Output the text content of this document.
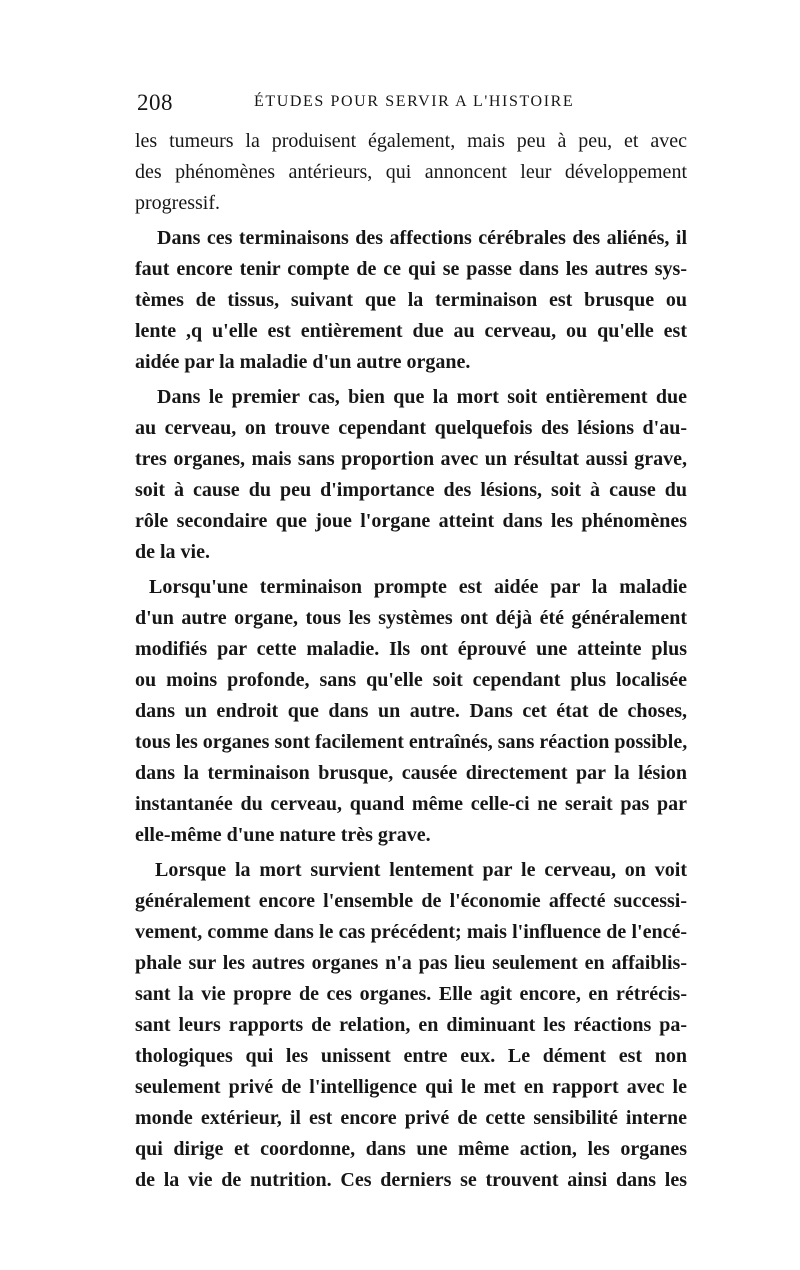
208	ÉTUDES POUR SERVIR A L'HISTOIRE
les tumeurs la produisent également, mais peu à peu, et avec
des phénomènes antérieurs, qui annoncent leur développement
progressif.
Dans ces terminaisons des affections cérébrales des aliénés, il
faut encore tenir compte de ce qui se passe dans les autres sys-
tèmes de tissus, suivant que la terminaison est brusque ou
lente ,q u'elle est entièrement due au cerveau, ou qu'elle est
aidée par la maladie d'un autre organe.
Dans le premier cas, bien que la mort soit entièrement due
au cerveau, on trouve cependant quelquefois des lésions d'au-
tres organes, mais sans proportion avec un résultat aussi grave,
soit à cause du peu d'importance des lésions, soit à cause du
rôle secondaire que joue l'organe atteint dans les phénomènes
de la vie.
Lorsqu'une terminaison prompte est aidée par la maladie
d'un autre organe, tous les systèmes ont déjà été généralement
modifiés par cette maladie. Ils ont éprouvé une atteinte plus
ou moins profonde, sans qu'elle soit cependant plus localisée
dans un endroit que dans un autre. Dans cet état de choses,
tous les organes sont facilement entraînés, sans réaction possible,
dans la terminaison brusque, causée directement par la lésion
instantanée du cerveau, quand même celle-ci ne serait pas par
elle-même d'une nature très grave.
Lorsque la mort survient lentement par le cerveau, on voit
généralement encore l'ensemble de l'économie affecté successi-
vement, comme dans le cas précédent; mais l'influence de l'encé-
phale sur les autres organes n'a pas lieu seulement en affaiblis-
sant la vie propre de ces organes. Elle agit encore, en rétrécis-
sant leurs rapports de relation, en diminuant les réactions pa-
thologiques qui les unissent entre eux. Le dément est non
seulement privé de l'intelligence qui le met en rapport avec le
monde extérieur, il est encore privé de cette sensibilité interne
qui dirige et coordonne, dans une même action, les organes
de la vie de nutrition. Ces derniers se trouvent ainsi dans les
